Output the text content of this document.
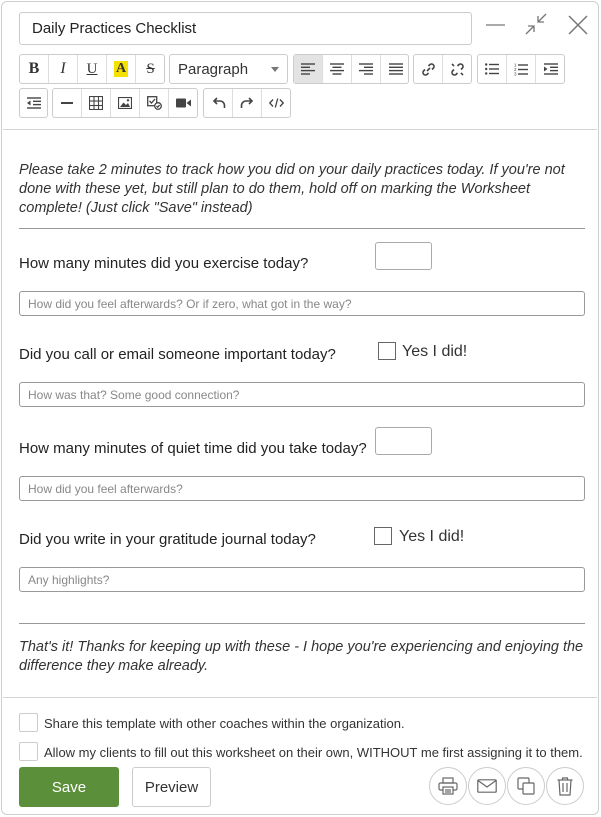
Daily Practices Checklist
B	I	U	A	S	Paragraph	1
2
3
Please take 2 minutes to track how you did on your daily practices today. If you're not done with these yet, but still plan to do them, hold off on marking the Worksheet complete! (Just click "Save" instead)
How many minutes did you exercise today?
How did you feel afterwards? Or if zero, what got in the way?
Did you call or email someone important today?	Yes I did!
How was that? Some good connection?
How many minutes of quiet time did you take today?
How did you feel afterwards?
Did you write in your gratitude journal today?	Yes I did!
Any highlights?
That's it! Thanks for keeping up with these - I hope you're experiencing and enjoying the difference they make already.
Share this template with other coaches within the organization.
Allow my clients to fill out this worksheet on their own, WITHOUT me first assigning it to them.
Save	Preview
